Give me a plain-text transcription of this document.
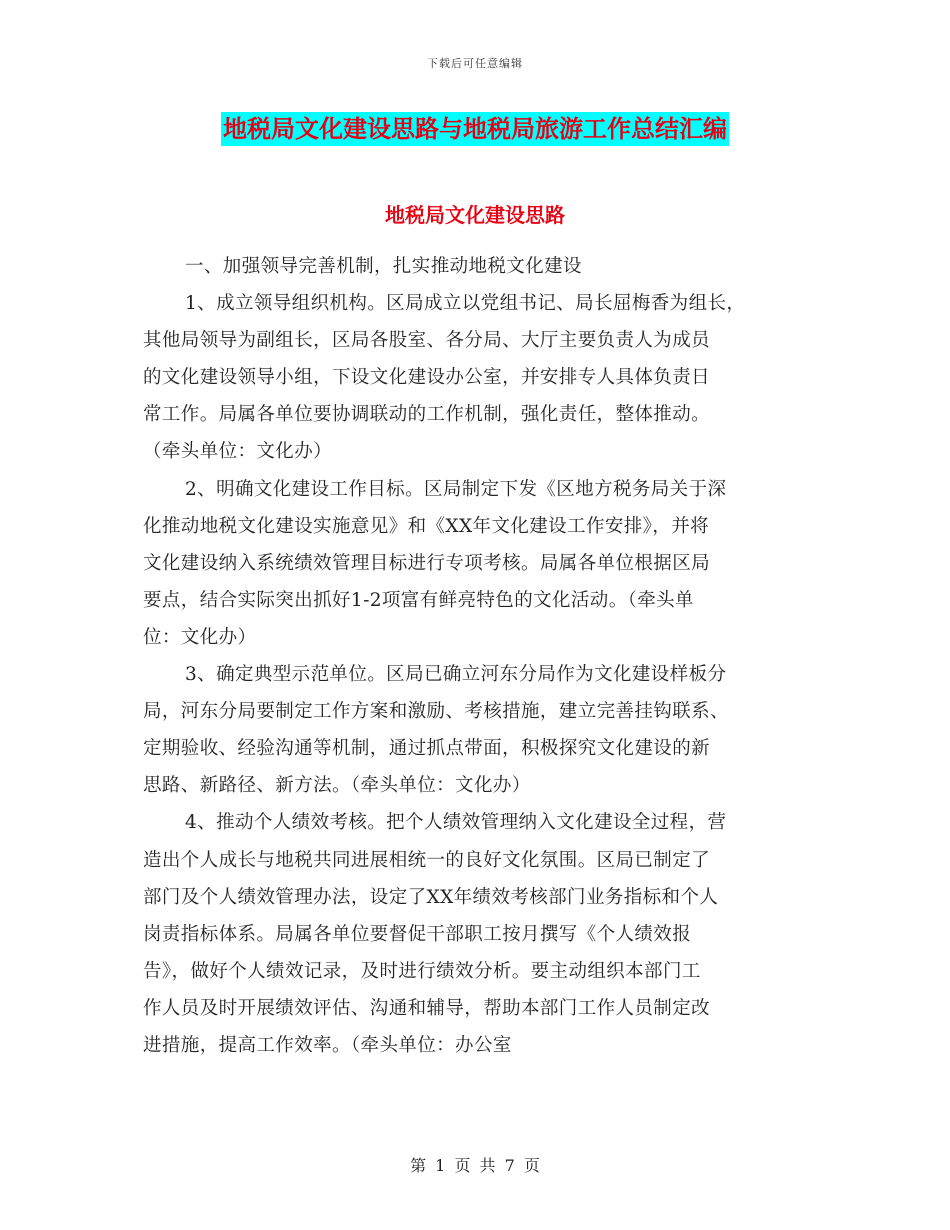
下载后可任意编辑
地税局文化建设思路与地税局旅游工作总结汇编
地税局文化建设思路
一、加强领导完善机制，扎实推动地税文化建设
1、成立领导组织机构。区局成立以党组书记、局长屈梅香为组长，
其他局领导为副组长，区局各股室、各分局、大厅主要负责人为成员
的文化建设领导小组，下设文化建设办公室，并安排专人具体负责日
常工作。局属各单位要协调联动的工作机制，强化责任，整体推动。
（牵头单位：文化办）
2、明确文化建设工作目标。区局制定下发《区地方税务局关于深
化推动地税文化建设实施意见》和《XX年文化建设工作安排》，并将
文化建设纳入系统绩效管理目标进行专项考核。局属各单位根据区局
要点，结合实际突出抓好1-2项富有鲜亮特色的文化活动。（牵头单
位：文化办）
3、确定典型示范单位。区局已确立河东分局作为文化建设样板分
局，河东分局要制定工作方案和激励、考核措施，建立完善挂钩联系、
定期验收、经验沟通等机制，通过抓点带面，积极探究文化建设的新
思路、新路径、新方法。（牵头单位：文化办）
4、推动个人绩效考核。把个人绩效管理纳入文化建设全过程，营
造出个人成长与地税共同进展相统一的良好文化氛围。区局已制定了
部门及个人绩效管理办法，设定了XX年绩效考核部门业务指标和个人
岗责指标体系。局属各单位要督促干部职工按月撰写《个人绩效报
告》，做好个人绩效记录，及时进行绩效分析。要主动组织本部门工
作人员及时开展绩效评估、沟通和辅导，帮助本部门工作人员制定改
进措施，提高工作效率。（牵头单位：办公室
第 1 页 共 7 页
